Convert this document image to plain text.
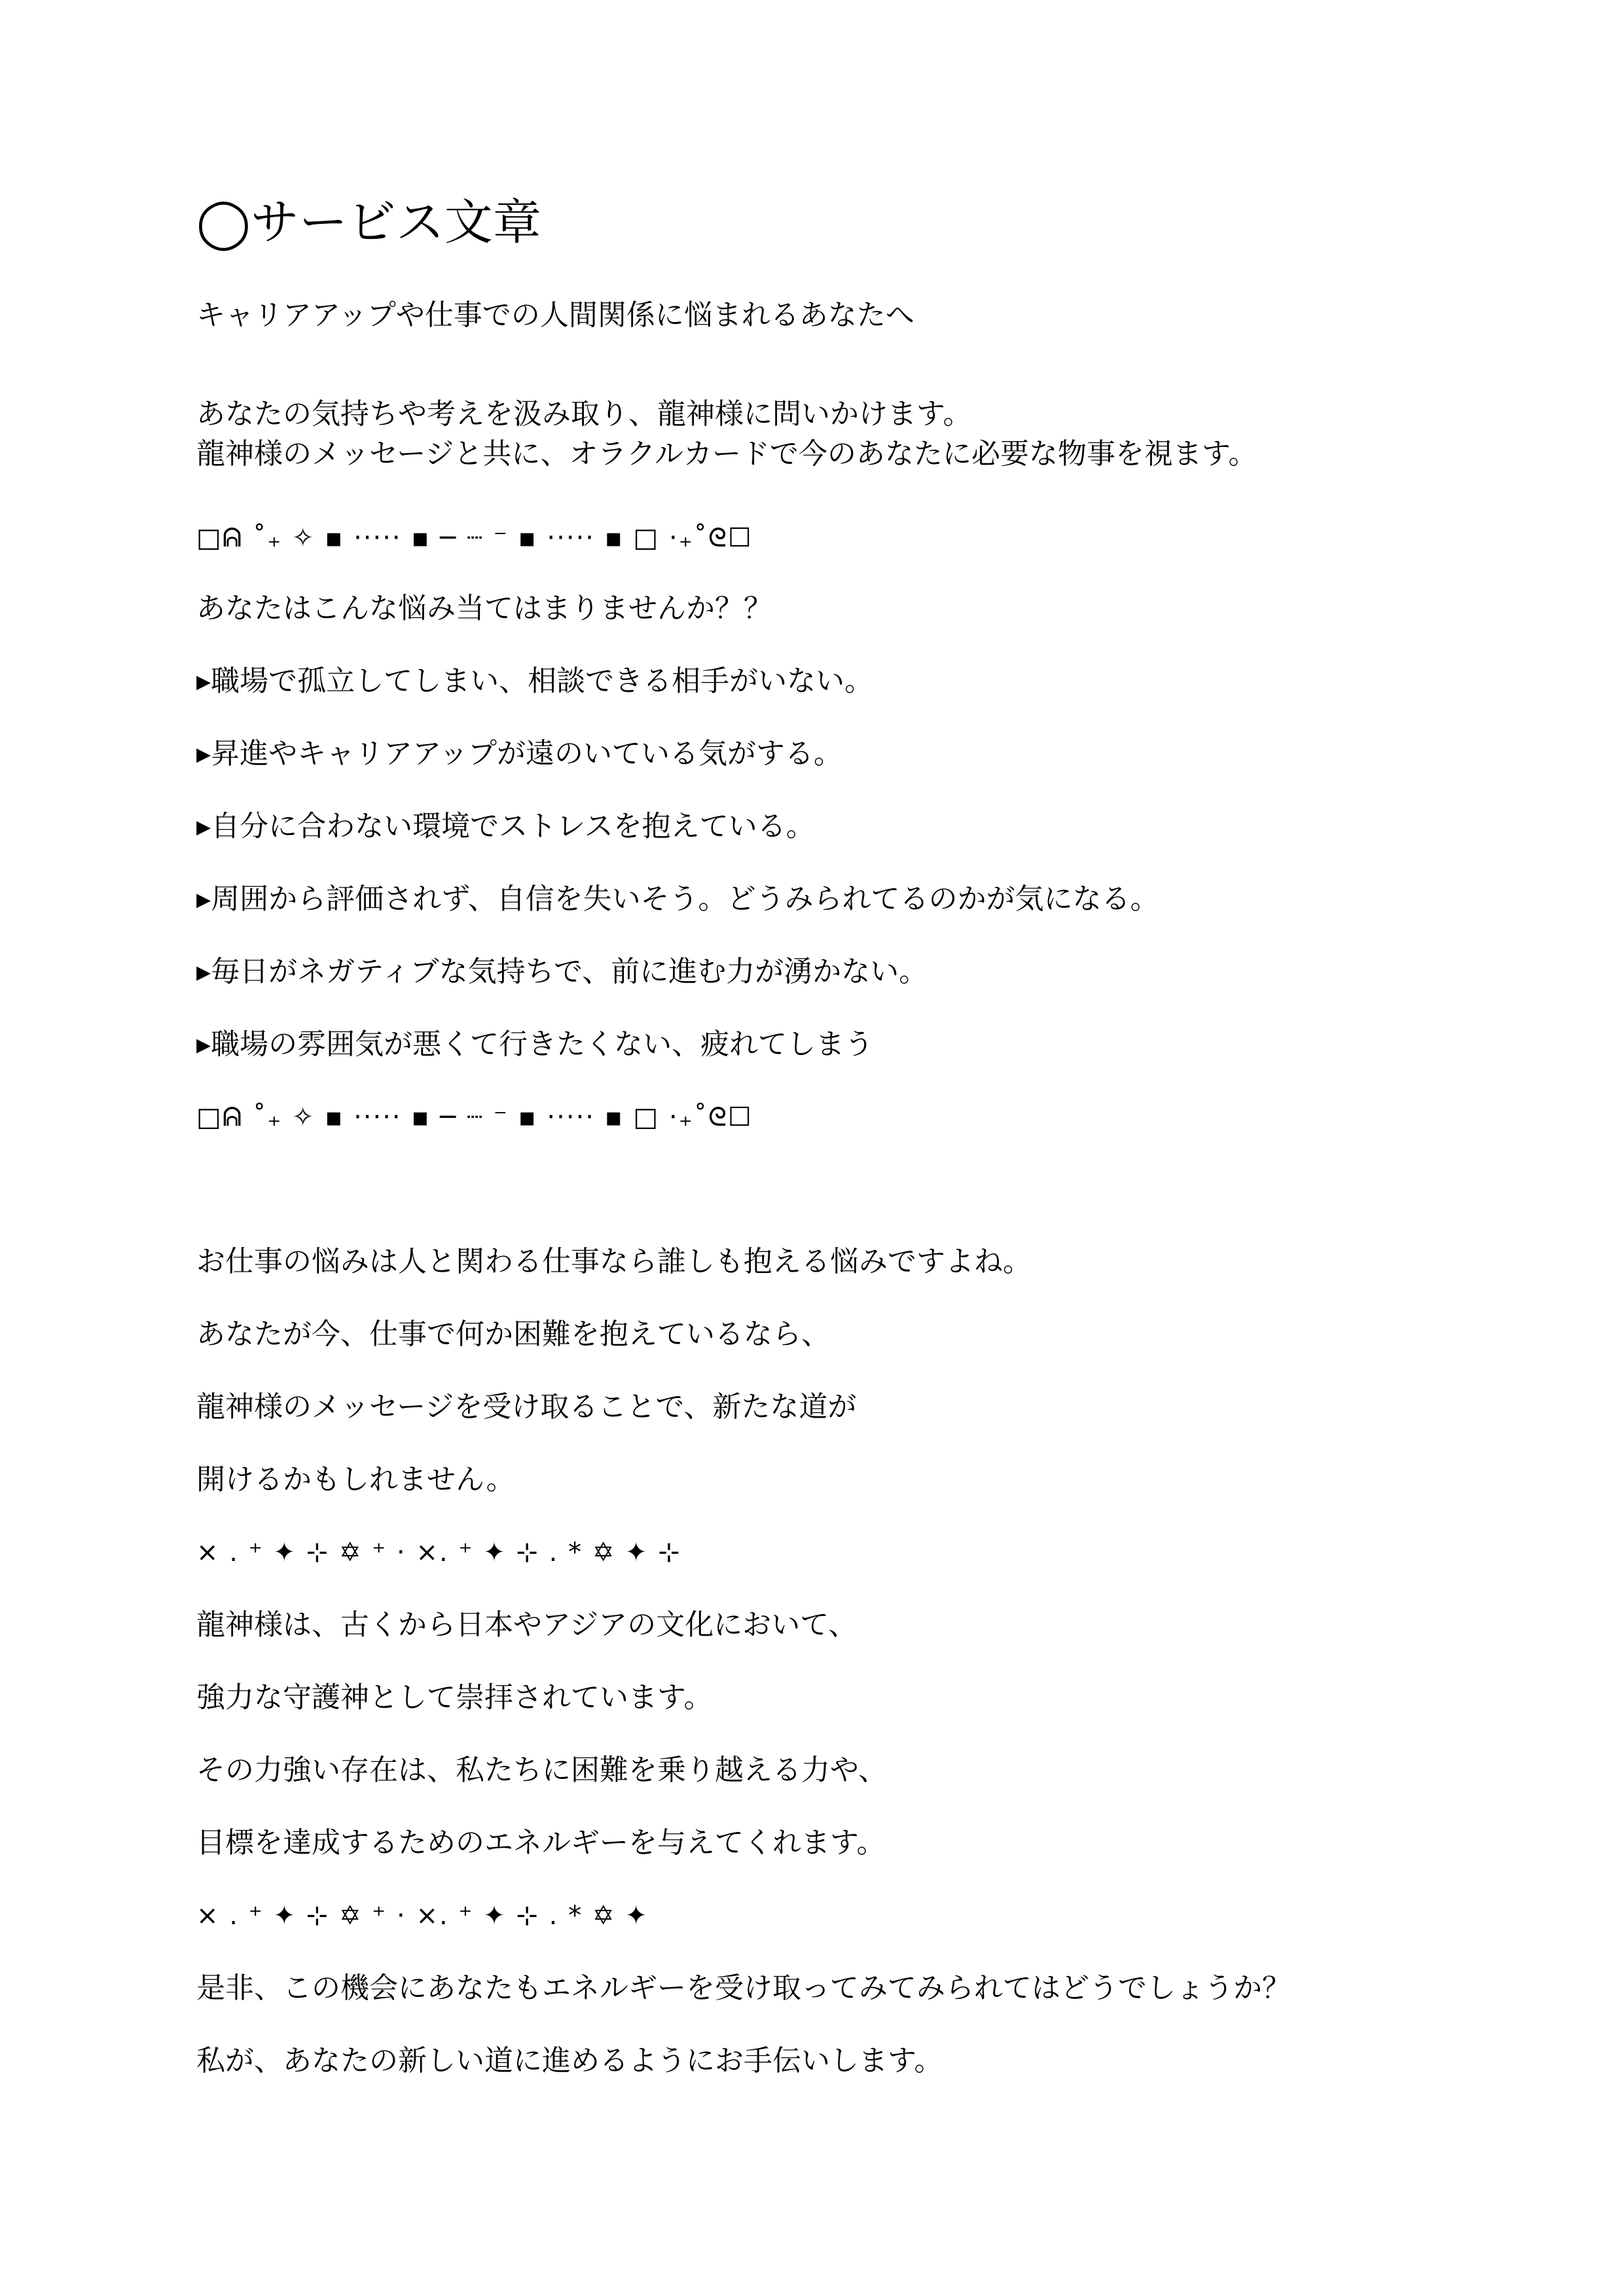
◯サービス文章
キャリアアップや仕事での人間関係に悩まれるあなたへ
あなたの気持ちや考えを汲み取り、龍神様に問いかけます。
龍神様のメッセージと共に、オラクルカードで今のあなたに必要な物事を視ます。
□ᕱ ˚₊ ✧ ▪ ····· ▪ ─ ┈ ⁻ ▪ ····· ▪ □ ·₊˚ᘓ☐
あなたはこんな悩み当てはまりませんか？？
▸職場で孤立してしまい、相談できる相手がいない。
▸昇進やキャリアアップが遠のいている気がする。
▸自分に合わない環境でストレスを抱えている。
▸周囲から評価されず、自信を失いそう。どうみられてるのかが気になる。
▸毎日がネガティブな気持ちで、前に進む力が湧かない。
▸職場の雰囲気が悪くて行きたくない、疲れてしまう
□ᕱ ˚₊ ✧ ▪ ····· ▪ ─ ┈ ⁻ ▪ ····· ▪ □ ·₊˚ᘓ☐
お仕事の悩みは人と関わる仕事なら誰しも抱える悩みですよね。
あなたが今、仕事で何か困難を抱えているなら、
龍神様のメッセージを受け取ることで、新たな道が
開けるかもしれません。
× . ⁺ ✦ ⊹ ✡ ⁺ · ×. ⁺ ✦ ⊹ . * ✡ ✦ ⊹
龍神様は、古くから日本やアジアの文化において、
強力な守護神として崇拝されています。
その力強い存在は、私たちに困難を乗り越える力や、
目標を達成するためのエネルギーを与えてくれます。
× . ⁺ ✦ ⊹ ✡ ⁺ · ×. ⁺ ✦ ⊹ . * ✡ ✦
是非、この機会にあなたもエネルギーを受け取ってみてみられてはどうでしょうか？
私が、あなたの新しい道に進めるようにお手伝いします。
